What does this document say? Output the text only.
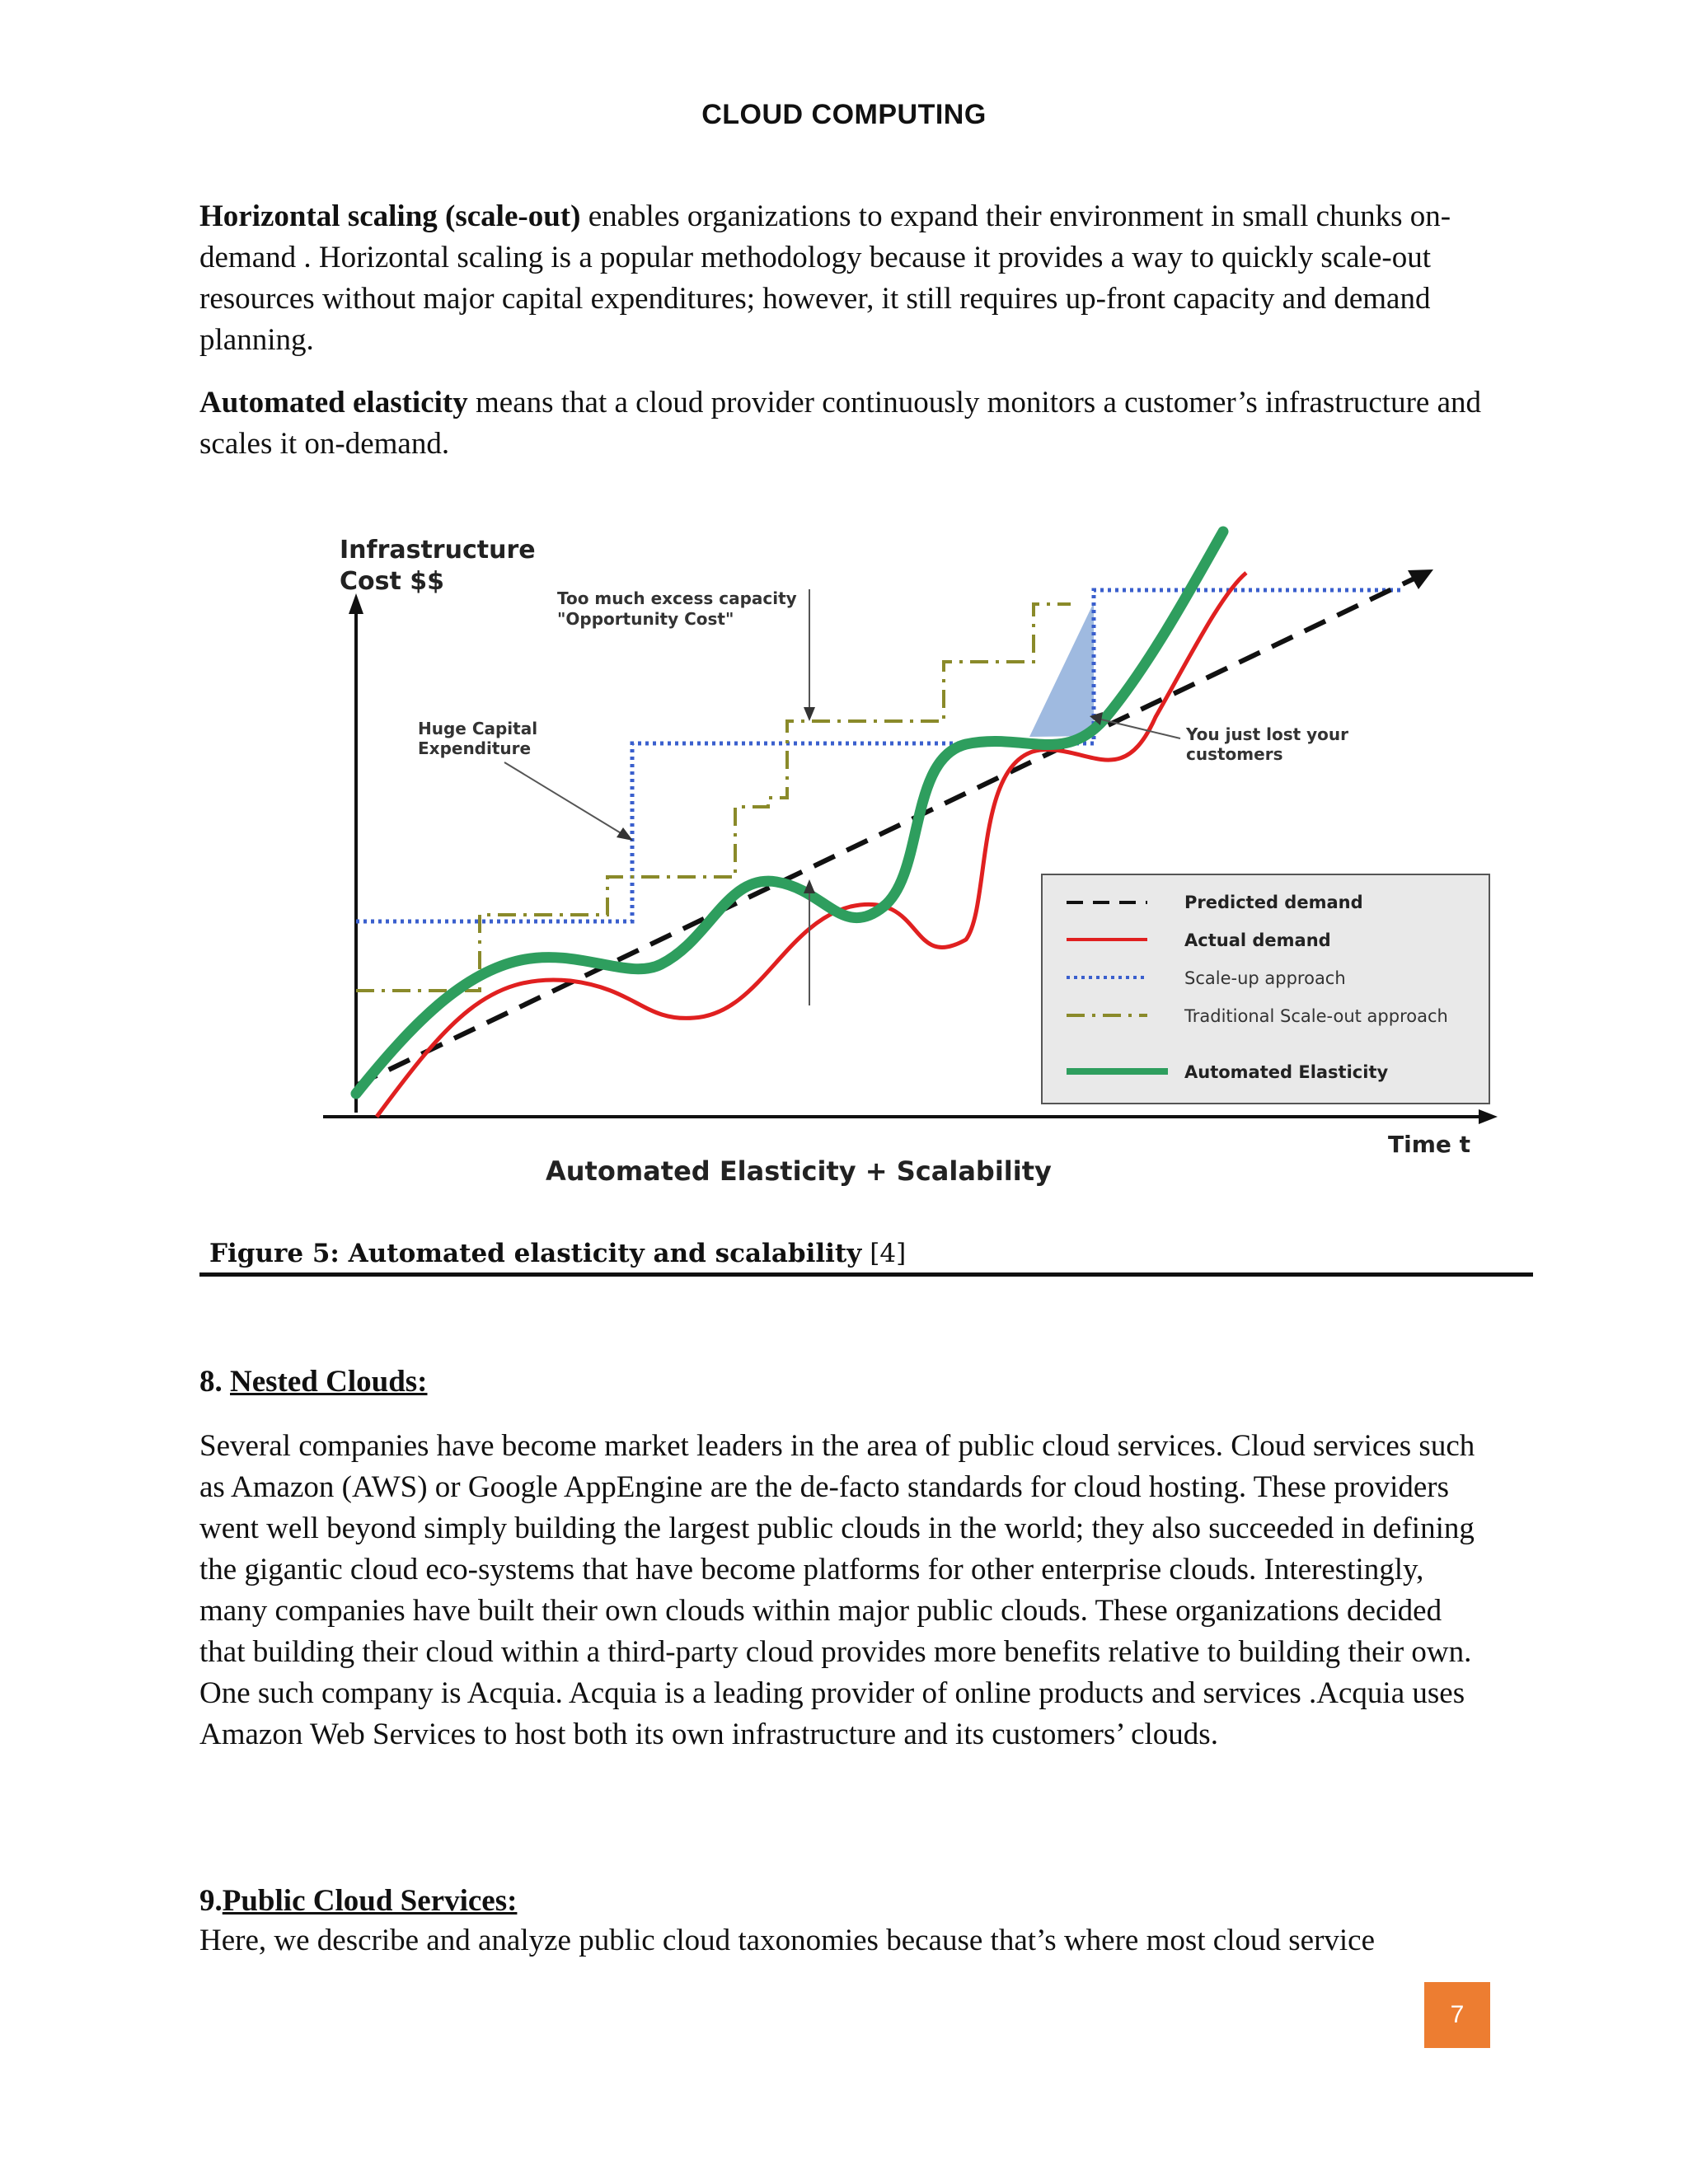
CLOUD COMPUTING

Horizontal scaling (scale-out) enables organizations to expand their environment in small chunks on-demand . Horizontal scaling is a popular methodology because it provides a way to quickly scale-out resources without major capital expenditures; however, it still requires up-front capacity and demand planning.

Automated elasticity means that a cloud provider continuously monitors a customer’s infrastructure and scales it on-demand.

Infrastructure
Cost $$
Time t
Automated Elasticity + Scalability
Too much excess capacity
"Opportunity Cost"
Huge Capital
Expenditure
You just lost your
customers
Predicted demand
Actual demand
Scale-up approach
Traditional Scale-out approach
Automated Elasticity
Figure 5: Automated elasticity and scalability [4]
8. Nested Clouds:

Several companies have become market leaders in the area of public cloud services. Cloud services such as Amazon (AWS) or Google AppEngine are the de-facto standards for cloud hosting. These providers went well beyond simply building the largest public clouds in the world; they also succeeded in defining the gigantic cloud eco-systems that have become platforms for other enterprise clouds. Interestingly, many companies have built their own clouds within major public clouds. These organizations decided that building their cloud within a third-party cloud provides more benefits relative to building their own. One such company is Acquia. Acquia is a leading provider of online products and services .Acquia uses Amazon Web Services to host both its own infrastructure and its customers’ clouds.

9.Public Cloud Services:

Here, we describe and analyze public cloud taxonomies because that’s where most cloud service

7
